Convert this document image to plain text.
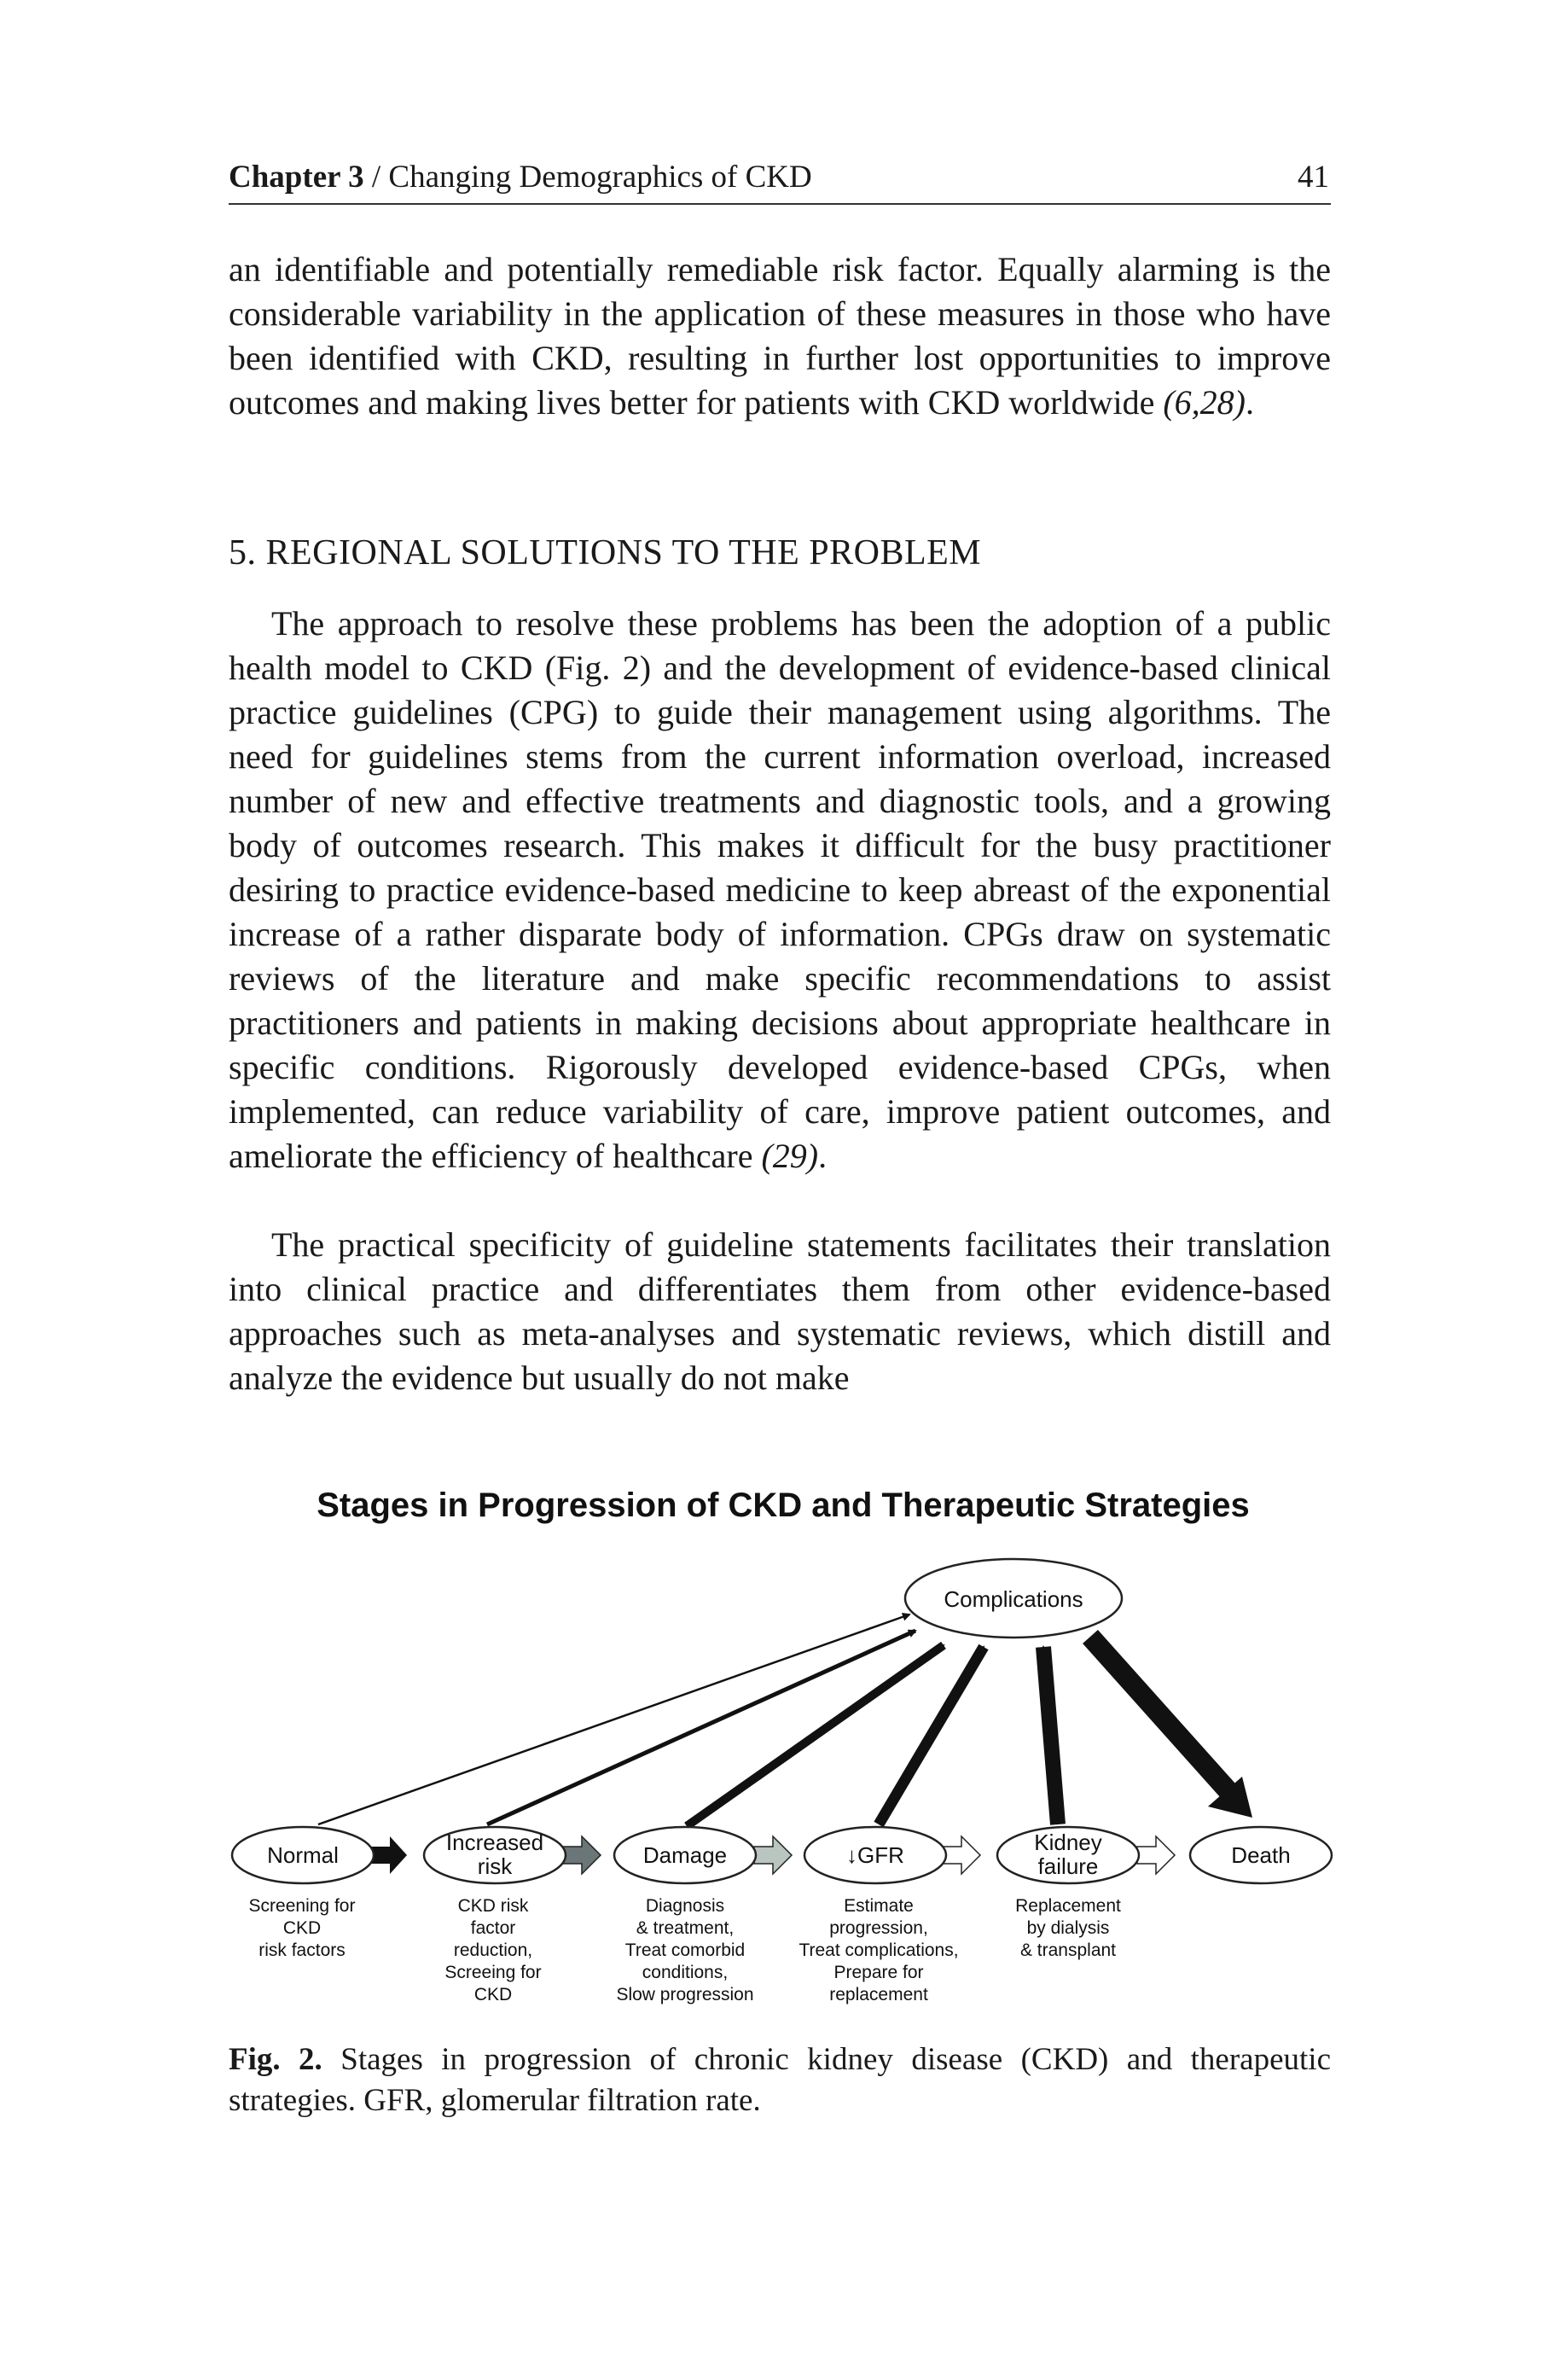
Chapter 3 / Changing Demographics of CKD	41

an identifiable and potentially remediable risk factor. Equally alarming is the considerable variability in the application of these measures in those who have been identified with CKD, resulting in further lost opportunities to improve outcomes and making lives better for patients with CKD worldwide (6,28).

5. REGIONAL SOLUTIONS TO THE PROBLEM

The approach to resolve these problems has been the adoption of a public health model to CKD (Fig. 2) and the development of evidence-based clinical practice guidelines (CPG) to guide their management using algorithms. The need for guidelines stems from the current information overload, increased number of new and effective treatments and diagnostic tools, and a growing body of outcomes research. This makes it difficult for the busy practitioner desiring to practice evidence-based medicine to keep abreast of the exponential increase of a rather disparate body of information. CPGs draw on systematic reviews of the literature and make specific recommendations to assist practitioners and patients in making decisions about appropriate healthcare in specific conditions. Rigorously developed evidence-based CPGs, when implemented, can reduce variability of care, improve patient outcomes, and ameliorate the efficiency of healthcare (29).

The practical specificity of guideline statements facilitates their translation into clinical practice and differentiates them from other evidence-based approaches such as meta-analyses and systematic reviews, which distill and analyze the evidence but usually do not make

Stages in Progression of CKD and Therapeutic Strategies
Complications
Normal	Increased
risk	Damage	↓GFR	Kidney
failure	Death
Screening for
CKD
risk factors
CKD risk
factor
reduction,
Screeing for
CKD
Diagnosis
& treatment,
Treat comorbid
conditions,
Slow progression
Estimate
progression,
Treat complications,
Prepare for
replacement
Replacement
by dialysis
& transplant

Fig. 2. Stages in progression of chronic kidney disease (CKD) and therapeutic strategies. GFR, glomerular filtration rate.
